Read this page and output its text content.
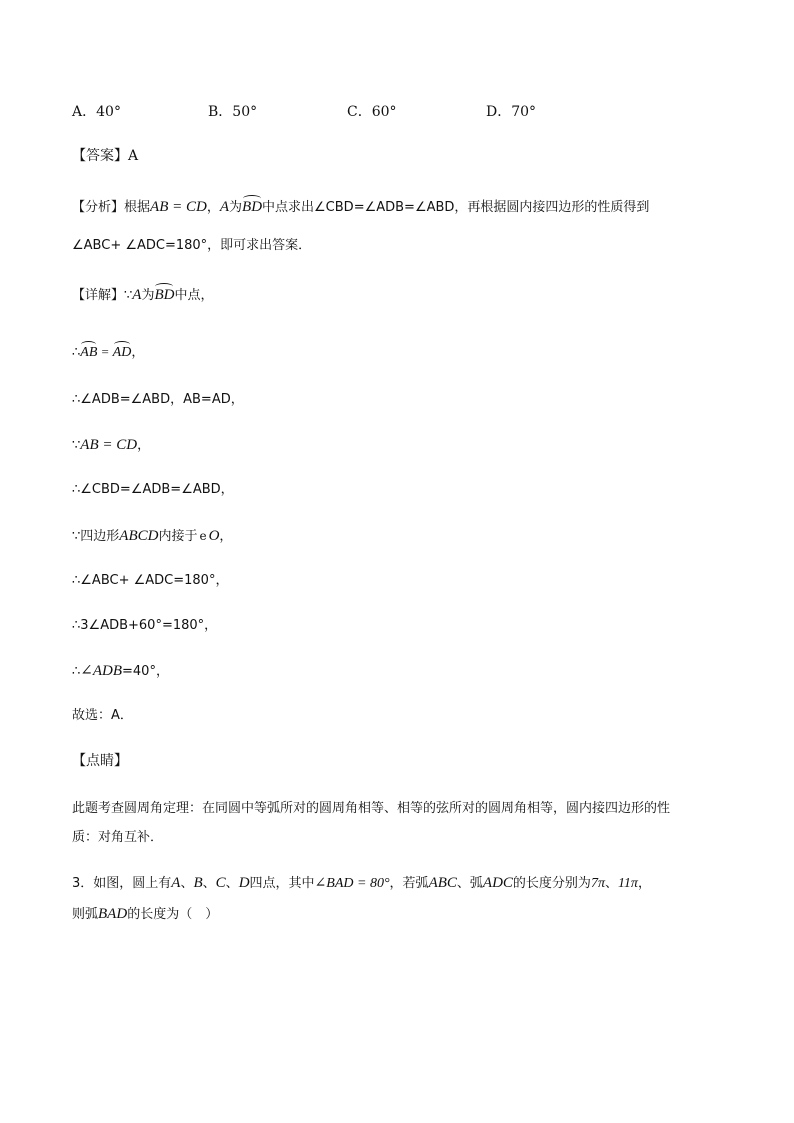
A．40°	B．50°	C．60°	D．70°
【答案】A
【分析】根据AB = CD，A为BD中点求出∠CBD=∠ADB=∠ABD，再根据圆内接四边形的性质得到
∠ABC+ ∠ADC=180°，即可求出答案．
【详解】∵A为BD中点，
∴AB = AD，
∴∠ADB=∠ABD，AB=AD，
∵AB = CD，
∴∠CBD=∠ADB=∠ABD，
∵四边形ABCD内接于 e O，
∴∠ABC+ ∠ADC=180°，
∴3∠ADB+60°=180°，
∴∠ADB=40°，
故选：A．
【点睛】
此题考查圆周角定理：在同圆中等弧所对的圆周角相等、相等的弦所对的圆周角相等，圆内接四边形的性
质：对角互补．
3．如图，圆上有A、B、C、D四点，其中∠BAD = 80°，若弧ABC、弧ADC的长度分别为7π、11π，
则弧BAD的长度为（　）
